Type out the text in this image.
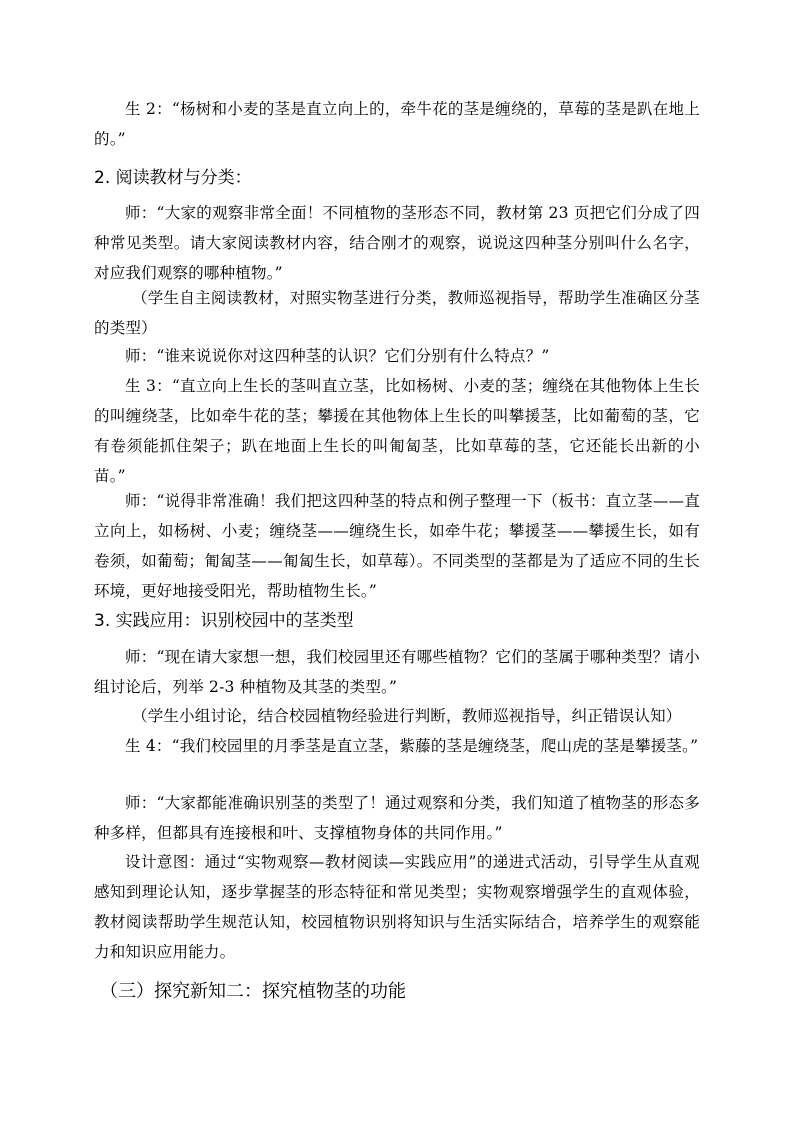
生 2：“杨树和小麦的茎是直立向上的，牵牛花的茎是缠绕的，草莓的茎是趴在地上的。”

2. 阅读教材与分类：

师：“大家的观察非常全面！不同植物的茎形态不同，教材第 23 页把它们分成了四种常见类型。请大家阅读教材内容，结合刚才的观察，说说这四种茎分别叫什么名字，对应我们观察的哪种植物。”

（学生自主阅读教材，对照实物茎进行分类，教师巡视指导，帮助学生准确区分茎的类型）

师：“谁来说说你对这四种茎的认识？它们分别有什么特点？”

生 3：“直立向上生长的茎叫直立茎，比如杨树、小麦的茎；缠绕在其他物体上生长的叫缠绕茎，比如牵牛花的茎；攀援在其他物体上生长的叫攀援茎，比如葡萄的茎，它有卷须能抓住架子；趴在地面上生长的叫匍匐茎，比如草莓的茎，它还能长出新的小苗。”

师：“说得非常准确！我们把这四种茎的特点和例子整理一下（板书：直立茎——直立向上，如杨树、小麦；缠绕茎——缠绕生长，如牵牛花；攀援茎——攀援生长，如有卷须，如葡萄；匍匐茎——匍匐生长，如草莓）。不同类型的茎都是为了适应不同的生长环境，更好地接受阳光，帮助植物生长。”

3. 实践应用：识别校园中的茎类型

师：“现在请大家想一想，我们校园里还有哪些植物？它们的茎属于哪种类型？请小组讨论后，列举 2-3 种植物及其茎的类型。”

（学生小组讨论，结合校园植物经验进行判断，教师巡视指导，纠正错误认知）

生 4：“我们校园里的月季茎是直立茎，紫藤的茎是缠绕茎，爬山虎的茎是攀援茎。”

师：“大家都能准确识别茎的类型了！通过观察和分类，我们知道了植物茎的形态多种多样，但都具有连接根和叶、支撑植物身体的共同作用。”

设计意图：通过“实物观察—教材阅读—实践应用”的递进式活动，引导学生从直观感知到理论认知，逐步掌握茎的形态特征和常见类型；实物观察增强学生的直观体验，教材阅读帮助学生规范认知，校园植物识别将知识与生活实际结合，培养学生的观察能力和知识应用能力。

（三）探究新知二：探究植物茎的功能
